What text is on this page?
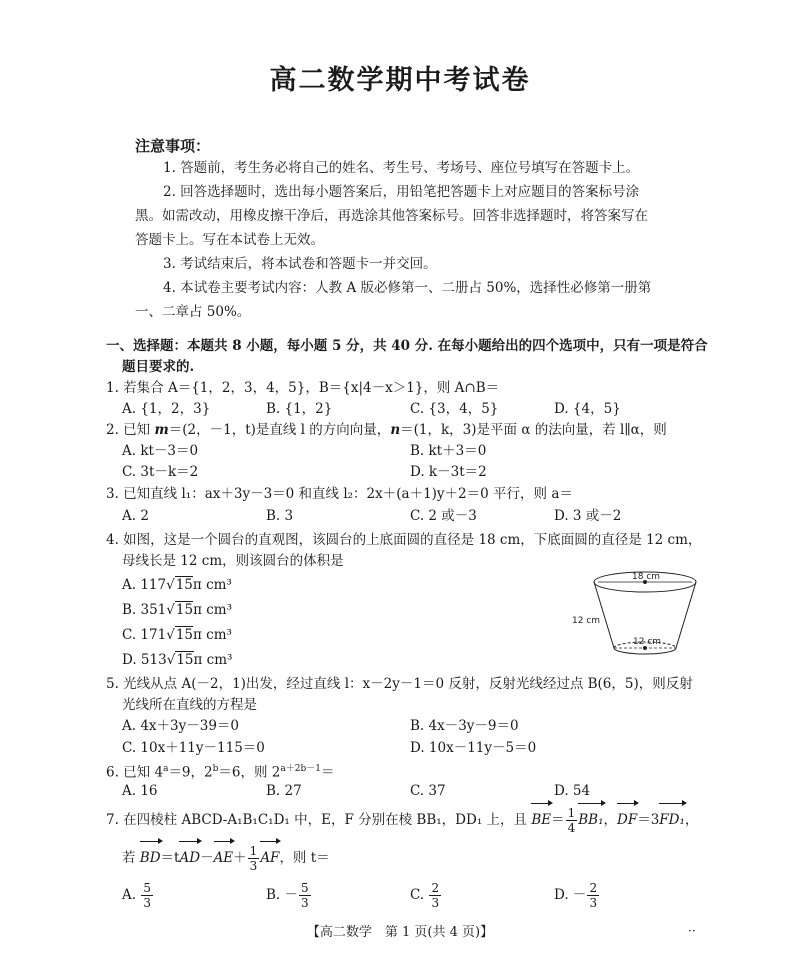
高二数学期中考试卷
注意事项：
1. 答题前，考生务必将自己的姓名、考生号、考场号、座位号填写在答题卡上。
2. 回答选择题时，选出每小题答案后，用铅笔把答题卡上对应题目的答案标号涂
黑。如需改动，用橡皮擦干净后，再选涂其他答案标号。回答非选择题时，将答案写在
答题卡上。写在本试卷上无效。
3. 考试结束后，将本试卷和答题卡一并交回。
4. 本试卷主要考试内容：人教 A 版必修第一、二册占 50%，选择性必修第一册第
一、二章占 50%。
一、选择题：本题共 8 小题，每小题 5 分，共 40 分. 在每小题给出的四个选项中，只有一项是符合
题目要求的.
1. 若集合 A＝{1，2，3，4，5}，B＝{x|4－x＞1}，则 A∩B＝
A. {1，2，3}	B. {1，2}	C. {3，4，5}	D. {4，5}
2. 已知 m＝(2，－1，t)是直线 l 的方向向量，n＝(1，k，3)是平面 α 的法向量，若 l∥α，则
A. kt－3＝0	B. kt＋3＝0
C. 3t－k＝2	D. k－3t＝2
3. 已知直线 l₁：ax＋3y－3＝0 和直线 l₂：2x＋(a＋1)y＋2＝0 平行，则 a＝
A. 2	B. 3	C. 2 或－3	D. 3 或－2
4. 如图，这是一个圆台的直观图，该圆台的上底面圆的直径是 18 cm，下底面圆的直径是 12 cm，
母线长是 12 cm，则该圆台的体积是
A. 117√15π cm³
B. 351√15π cm³
C. 171√15π cm³
D. 513√15π cm³
18 cm
12 cm
12 cm
5. 光线从点 A(－2，1)出发，经过直线 l：x－2y－1＝0 反射，反射光线经过点 B(6，5)，则反射
光线所在直线的方程是
A. 4x＋3y－39＝0	B. 4x－3y－9＝0
C. 10x＋11y－115＝0	D. 10x－11y－5＝0
6. 已知 $4^a=9$，$2^b=6$，则 $2^{a+2b-1}=$
A. 16	B. 27	C. 37	D. 54
7. 在四棱柱 ABCD-A₁B₁C₁D₁ 中，E，F 分别在棱 BB₁，DD₁ 上，且 $BE= \frac{1}{4} BB_1$，DF＝3FD₁，
若 $BD=tAD-AE+ \frac{1}{3}$ AF，则 t＝
A. $\frac{5}{3}$	B. － $\frac{5}{3}$	C. $\frac{2}{3}$	D. － $\frac{2}{3}$
【高二数学　第 1 页(共 4 页)】	··
